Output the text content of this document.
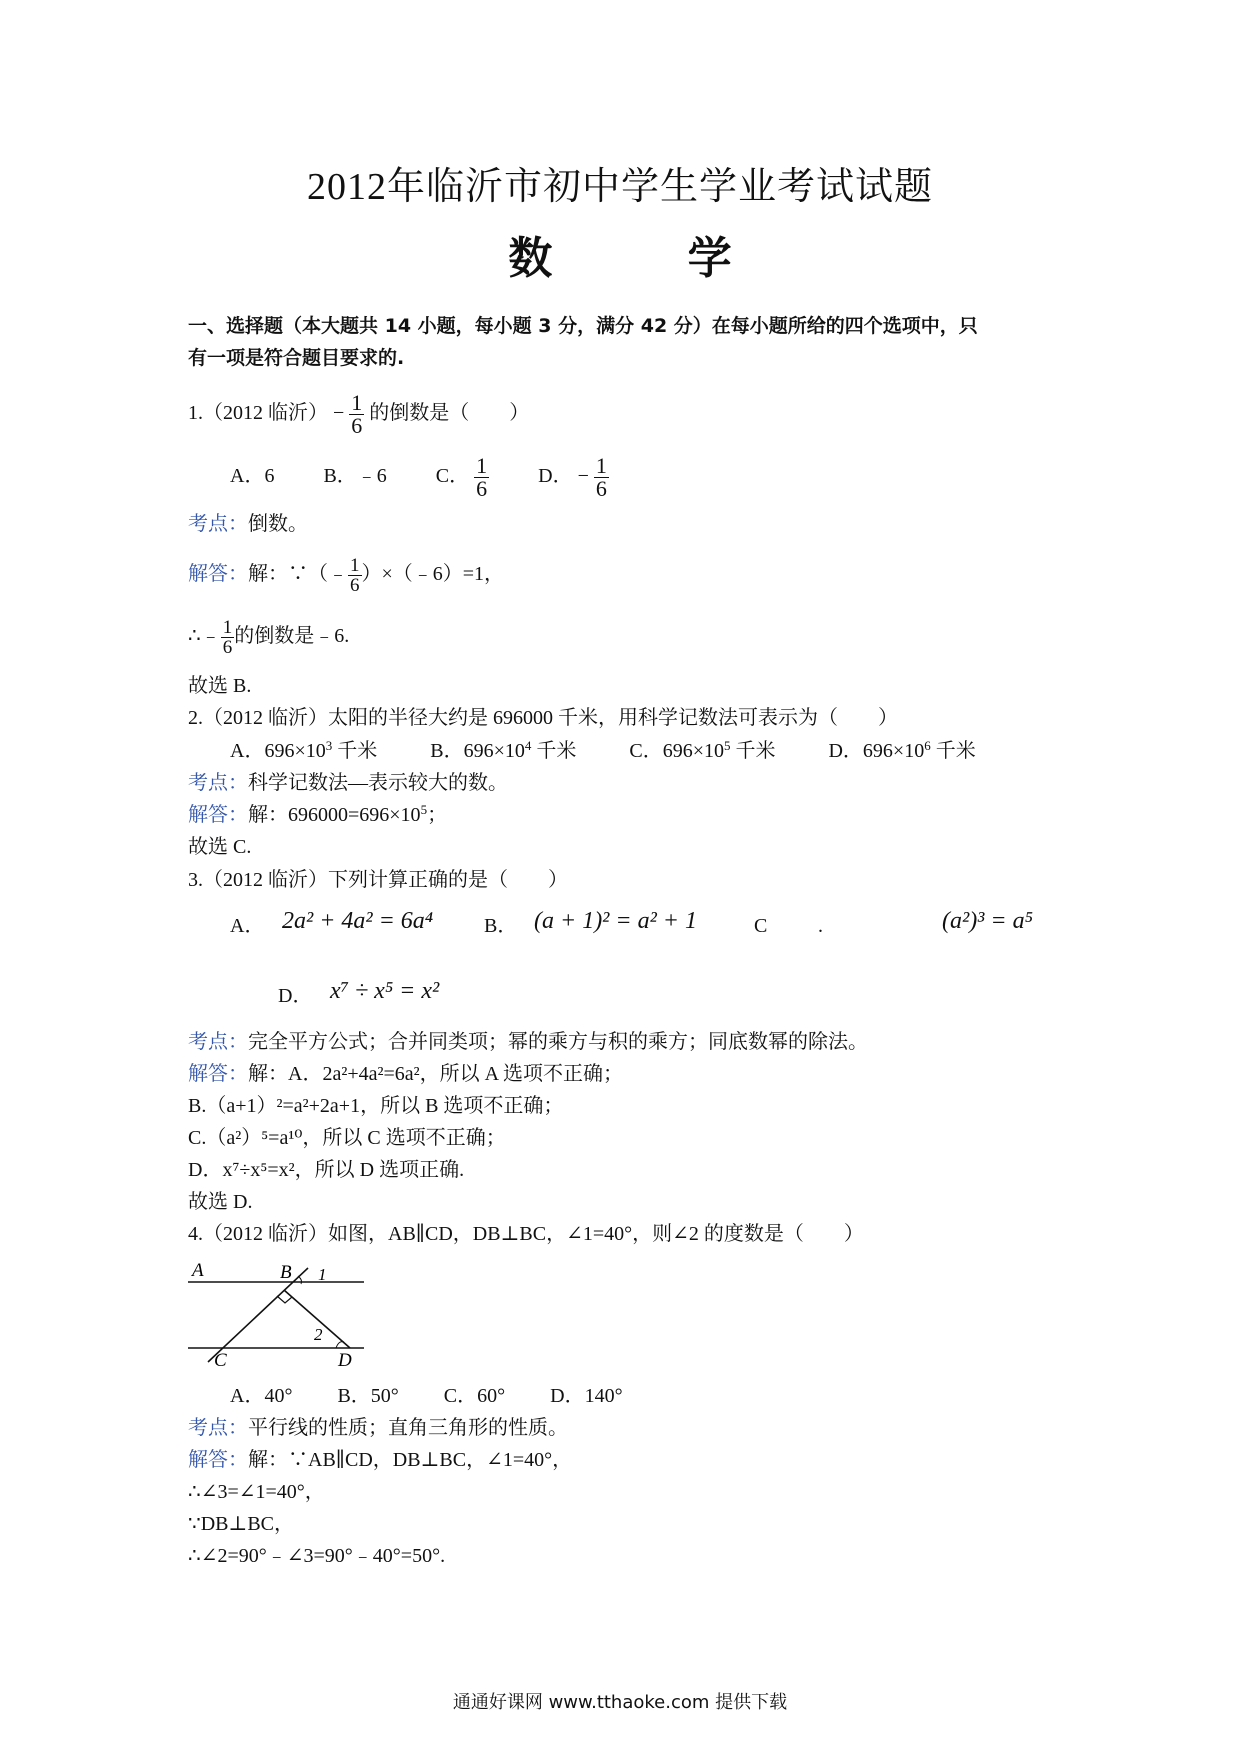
2012年临沂市初中学生学业考试试题
数 学
一、选择题（本大题共 14 小题，每小题 3 分，满分 42 分）在每小题所给的四个选项中，只
有一项是符合题目要求的.
1.（2012 临沂） − $\frac{1}{6}$ 的倒数是（　　）
A．6 B．﹣6 C． $\frac{1}{6}$ D． − $\frac{1}{6}$
考点：倒数。
解答：解：∵（﹣ $\frac{1}{6}$ ）×（﹣6）=1，
∴﹣ $\frac{1}{6}$ 的倒数是﹣6.
故选 B.
2.（2012 临沂）太阳的半径大约是 696000 千米，用科学记数法可表示为（　　）
A．$696\times 10^3$ 千米	B．$696\times 10^4$ 千米	C．$696\times 10^5$ 千米	D．$696\times 10^6$ 千米
考点：科学记数法—表示较大的数。
解答：解：$696000=696\times 10^5$；
故选 C.
3.（2012 临沂）下列计算正确的是（　　）
A． 2a² + 4a² = 6a⁴	B． (a + 1)² = a² + 1	C	.	(a²)³ = a⁵
D． x⁷ ÷ x⁵ = x²
考点：完全平方公式；合并同类项；幂的乘方与积的乘方；同底数幂的除法。
解答：解：A．2a²+4a²=6a²，所以 A 选项不正确；
B.（a+1）²=a²+2a+1，所以 B 选项不正确；
C.（a²）⁵=a¹⁰，所以 C 选项不正确；
D．x⁷÷x⁵=x²，所以 D 选项正确.
故选 D.
4.（2012 临沂）如图，AB∥CD，DB⊥BC，∠1=40°，则∠2 的度数是（　　）
A	B 1
2
C	D
A．40° B．50° C．60° D．140°
考点：平行线的性质；直角三角形的性质。
解答：解：∵AB∥CD，DB⊥BC，∠1=40°，
∴∠3=∠1=40°，
∵DB⊥BC，
∴∠2=90°﹣∠3=90°﹣40°=50°.
通通好课网 www.tthaoke.com 提供下载
